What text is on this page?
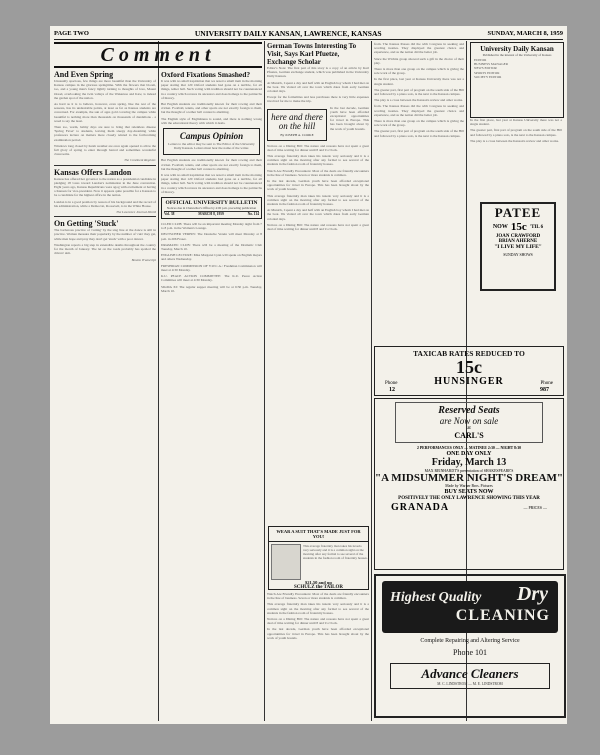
PAGE TWO	UNIVERSITY DAILY KANSAN, LAWRENCE, KANSAS	SUNDAY, MARCH 8, 1959
Comment

And Even Spring

Unusually spacious, few things are more beautiful than the University of Kansas campus in the glorious springtime. With the flowers that bloom, too, and a young man's fancy lightly turning to thoughts of love, Mount Oread, overlooking the twin valleys of the Wakarusa and Kaw, is indeed the garden spot of the nation.

As hard as it is to believe, however, even spring, like the rest of the seasons, has its undesirable points, at least as far as Kansas students are concerned. For example, the sun of ages gold covering the campus while beautiful is nothing more than thousands on thousands of dandelions - a weed to say the least.

Then too, warm, balmy days are sure to bring that relentless disease 'Spring Fever' to students, leaving them sleepy day-dreaming while professors lecture on matters more closely related to the forthcoming examination period.

Windows long closed by harsh weather are once again opened to allow the full glory of spring to enter through barred and sometimes wonderful classrooms.

The Continent Register.

Kansas Offers Landon

Kansas has offered her governor to the nation as a presidential candidate in pledging 18 votes toward Landon's nomination in the June convention. Eight years ago, Kansas Republicans were agog with excitement at having a Kansan for vice-president. Now it appears quite possible for a Kansan to be a candidate for the highest office in the nation.

Landon is in a good position by reason of his background and the record of his administration, while a Democrat, Roosevelt, is in the White House.

The Lawrence Journal-World

On Getting 'Stuck'

The barbarous practice of 'cutting' by the stag line at the dance is still in practice. Women measure their popularity by the number of 'cuts' they get, while men hope and pray they don't get 'stuck' with a poor dancer.

Washington reports a big step in extensible deaths throughout the country for the month of January. The let on the roads probably has spoiled the drivers' aim.

Boston Transcript

Oxford Fixations Smashed?

It was with no small trepidation that we noted a small item in the morning paper stating that 120 Oxford students had gone on a terrible, for all things, tether ball. Such voting with tradition should not be countenanced in a country which reveres its ancestors and does homage to the patriarchs of history.

But English students are traditionally known for their rowing and their cricket. Football, tennis, and other sports are not exactly foreign to them, but the thought of a tether ball contest is alarming.

The English style of Englishness is sound, and there is nothing wrong with the educational theory with which it deals.

Campus Opinion

Letters to the editor may be sent to The Editor of the University Daily Kansan. Letters must bear the name of the writer.

But English students are traditionally known for their rowing and their cricket. Football, tennis, and other sports are not exactly foreign to them, but the thought of a tether ball contest is alarming.

It was with no small trepidation that we noted a small item in the morning paper stating that 120 Oxford students had gone on a terrible, for all things, tether ball. Such voting with tradition should not be countenanced in a country which reveres its ancestors and does homage to the patriarchs of history.

OFFICIAL UNIVERSITY BULLETIN
Notices due in Chancellor's Office by 4:00 p.m. preceding publication
Vol. 38	MARCH 8, 1959	No. 114

CO-ED CLUB: There will be an important meeting Monday night from 7 to 8 p.m. in the Women's Lounge.

DEUTSCHER VEREIN: The Deutsche Verein will meet Monday at 8 p.m. in 206 Fraser.

DRAMATIC CLUB: There will be a meeting of the Dramatic Club Tuesday, March 10.

ENGLISH LECTURE: Miss Margaret Lynn will speak on English majors and others Wednesday.

FRESHMAN COMMISSION OF Y.W.C.A.: Freshman Commission will meet at 4:30 Monday.

K.U. PEACE ACTION COMMITTEE: The K.U. Peace Action Committee will meet at 4:30 Monday.

SIGMA XI: The regular supper meeting will be at 6:30 p.m. Tuesday, March 10.

German Towns Interesting To Visit, Says Karl Pfuetze, Exchange Scholar

Editor's Note: The first part of this story is a copy of an article by Karl Pfuetze, German exchange student, which was published in the University Daily Kansan.

At Munich, I spent a day and half with an English boy whom I had met on the boat. We visited all over the town which dates from early German colonial days.

Except for the formalities and less purchases there is very little expenses involved for me to make the trip.

here and there on the hill
By JOSEPH A. COOKE

In the last decade, German youth have been afforded exceptional opportunities for travel in Europe. This has been brought about by the work of youth hostels.

Notices on a Dining Bill: The nature and reasons have not spent a great deal of time waiting for dinner until 8 and 9 o'clock.

This average fraternity man takes his tuxedo very seriously and it is a common sight on the morning after any formal to see several of the students in the fashion room of fraternity houses.

Watch Are Friendly Encounters: Most of the deals are friendly encounters in the line of business. Seven or more students is common.

In the last decade, German youth have been afforded exceptional opportunities for travel in Europe. This has been brought about by the work of youth hostels.

This average fraternity man takes his tuxedo very seriously and it is a common sight on the morning after any formal to see several of the students in the fashion room of fraternity houses.

At Munich, I spent a day and half with an English boy whom I had met on the boat. We visited all over the town which dates from early German colonial days.

Notices on a Dining Bill: The nature and reasons have not spent a great deal of time waiting for dinner until 8 and 9 o'clock.

WEAR A SUIT THAT'S MADE JUST FOR YOU!
This average fraternity man takes his tuxedo very seriously and it is a common sight on the morning after any formal to see several of the students in the fashion room of fraternity houses.
$21.50 and up
SCHULZ the TAILOR

from. The Kansas Passes did the with Congress in seeking and wording treaties. They displayed the greatest choice and experience, and as the nation did the better job.

Since the Wichita group showed such a gift in the choice of their play.

There is more than one group on the campus which is giving the sole work of the group.

In the first place, last year at Kansas University there was not a single student.

The greater part, first part of program on the south side of the Hill and followed by a piano solo, is the next to the Kansan campus.

The play is a cross between the Kansan's review and other works.

from. The Kansas Passes did the with Congress in seeking and wording treaties. They displayed the greatest choice and experience, and as the nation did the better job.

There is more than one group on the campus which is giving the sole work of the group.

The greater part, first part of program on the south side of the Hill and followed by a piano solo, is the next to the Kansan campus.

University Daily Kansan
Published in the interest of the University of Kansas
EDITOR
BUSINESS MANAGER
NEWS EDITOR
SPORTS EDITOR
SOCIETY EDITOR

In the first place, last year at Kansas University there was not a single student.

The greater part, first part of program on the south side of the Hill and followed by a piano solo, is the next to the Kansan campus.

The play is a cross between the Kansan's review and other works.

PATEE
NOW 15c 'TIL 6
JOAN CRAWFORD
BRIAN AHERNE
"I LIVE MY LIFE"
SUNDAY SHOWS
TAXICAB RATES REDUCED TO
15c
Phone	HUNSINGER	Phone
12	987
Reserved Seats
are Now on sale
at
CARL'S
2 PERFORMANCES ONLY — MATINEE 2:30 — NIGHT 8:30
ONE DAY ONLY
Friday, March 13
MAX REINHARDT'S presentation of SHAKESPEARE'S
"A MIDSUMMER NIGHT'S DREAM"
Made by Warner Bros. Pictures
BUY SEATS NOW
POSITIVELY THE ONLY LAWRENCE SHOWING THIS YEAR
GRANADA	— PRICES —
Highest Quality Dry
CLEANING
Complete Repairing and Altering Service
Phone 101
Advance Cleaners
M. C. LINDSTROM — M. E. LINDSTROM

Watch Are Friendly Encounters: Most of the deals are friendly encounters in the line of business. Seven or more students is common.

This average fraternity man takes his tuxedo very seriously and it is a common sight on the morning after any formal to see several of the students in the fashion room of fraternity houses.

Notices on a Dining Bill: The nature and reasons have not spent a great deal of time waiting for dinner until 8 and 9 o'clock.

In the last decade, German youth have been afforded exceptional opportunities for travel in Europe. This has been brought about by the work of youth hostels.
